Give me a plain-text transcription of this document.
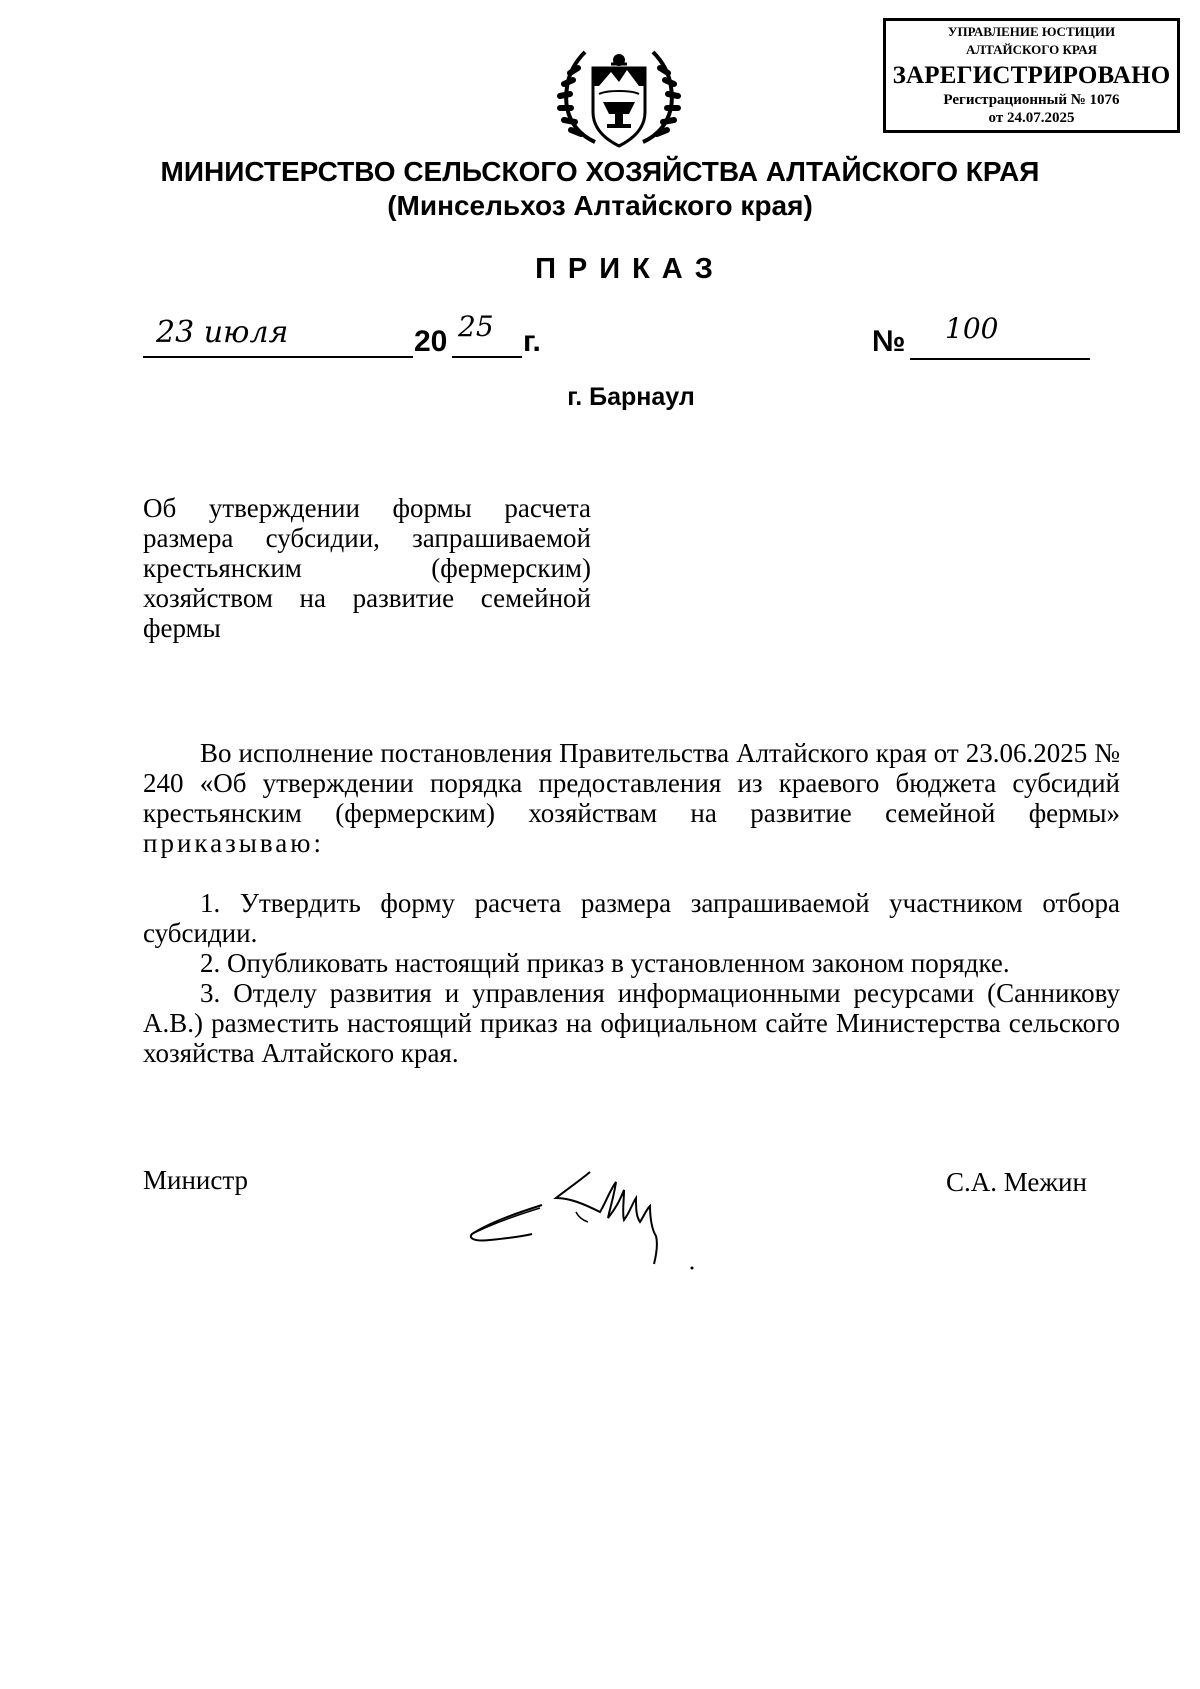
УПРАВЛЕНИЕ ЮСТИЦИИ
АЛТАЙСКОГО КРАЯ
ЗАРЕГИСТРИРОВАНО
Регистрационный № 1076
от 24.07.2025
МИНИСТЕРСТВО СЕЛЬСКОГО ХОЗЯЙСТВА АЛТАЙСКОГО КРАЯ
(Минсельхоз Алтайского края)
ПРИКАЗ
23 июля	20 25 г.	№ 100
г. Барнаул
Об утверждении формы расчета
размера субсидии, запрашиваемой
крестьянским (фермерским)
хозяйством на развитие семейной
фермы

Во исполнение постановления Правительства Алтайского края от 23.06.2025 № 240 «Об утверждении порядка предоставления из краевого бюджета субсидий крестьянским (фермерским) хозяйствам на развитие семейной фермы» приказываю:

1. Утвердить форму расчета размера запрашиваемой участником отбора субсидии.

2. Опубликовать настоящий приказ в установленном законом порядке.

3. Отделу развития и управления информационными ресурсами (Санникову А.В.) разместить настоящий приказ на официальном сайте Министерства сельского хозяйства Алтайского края.

Министр	С.А. Межин
